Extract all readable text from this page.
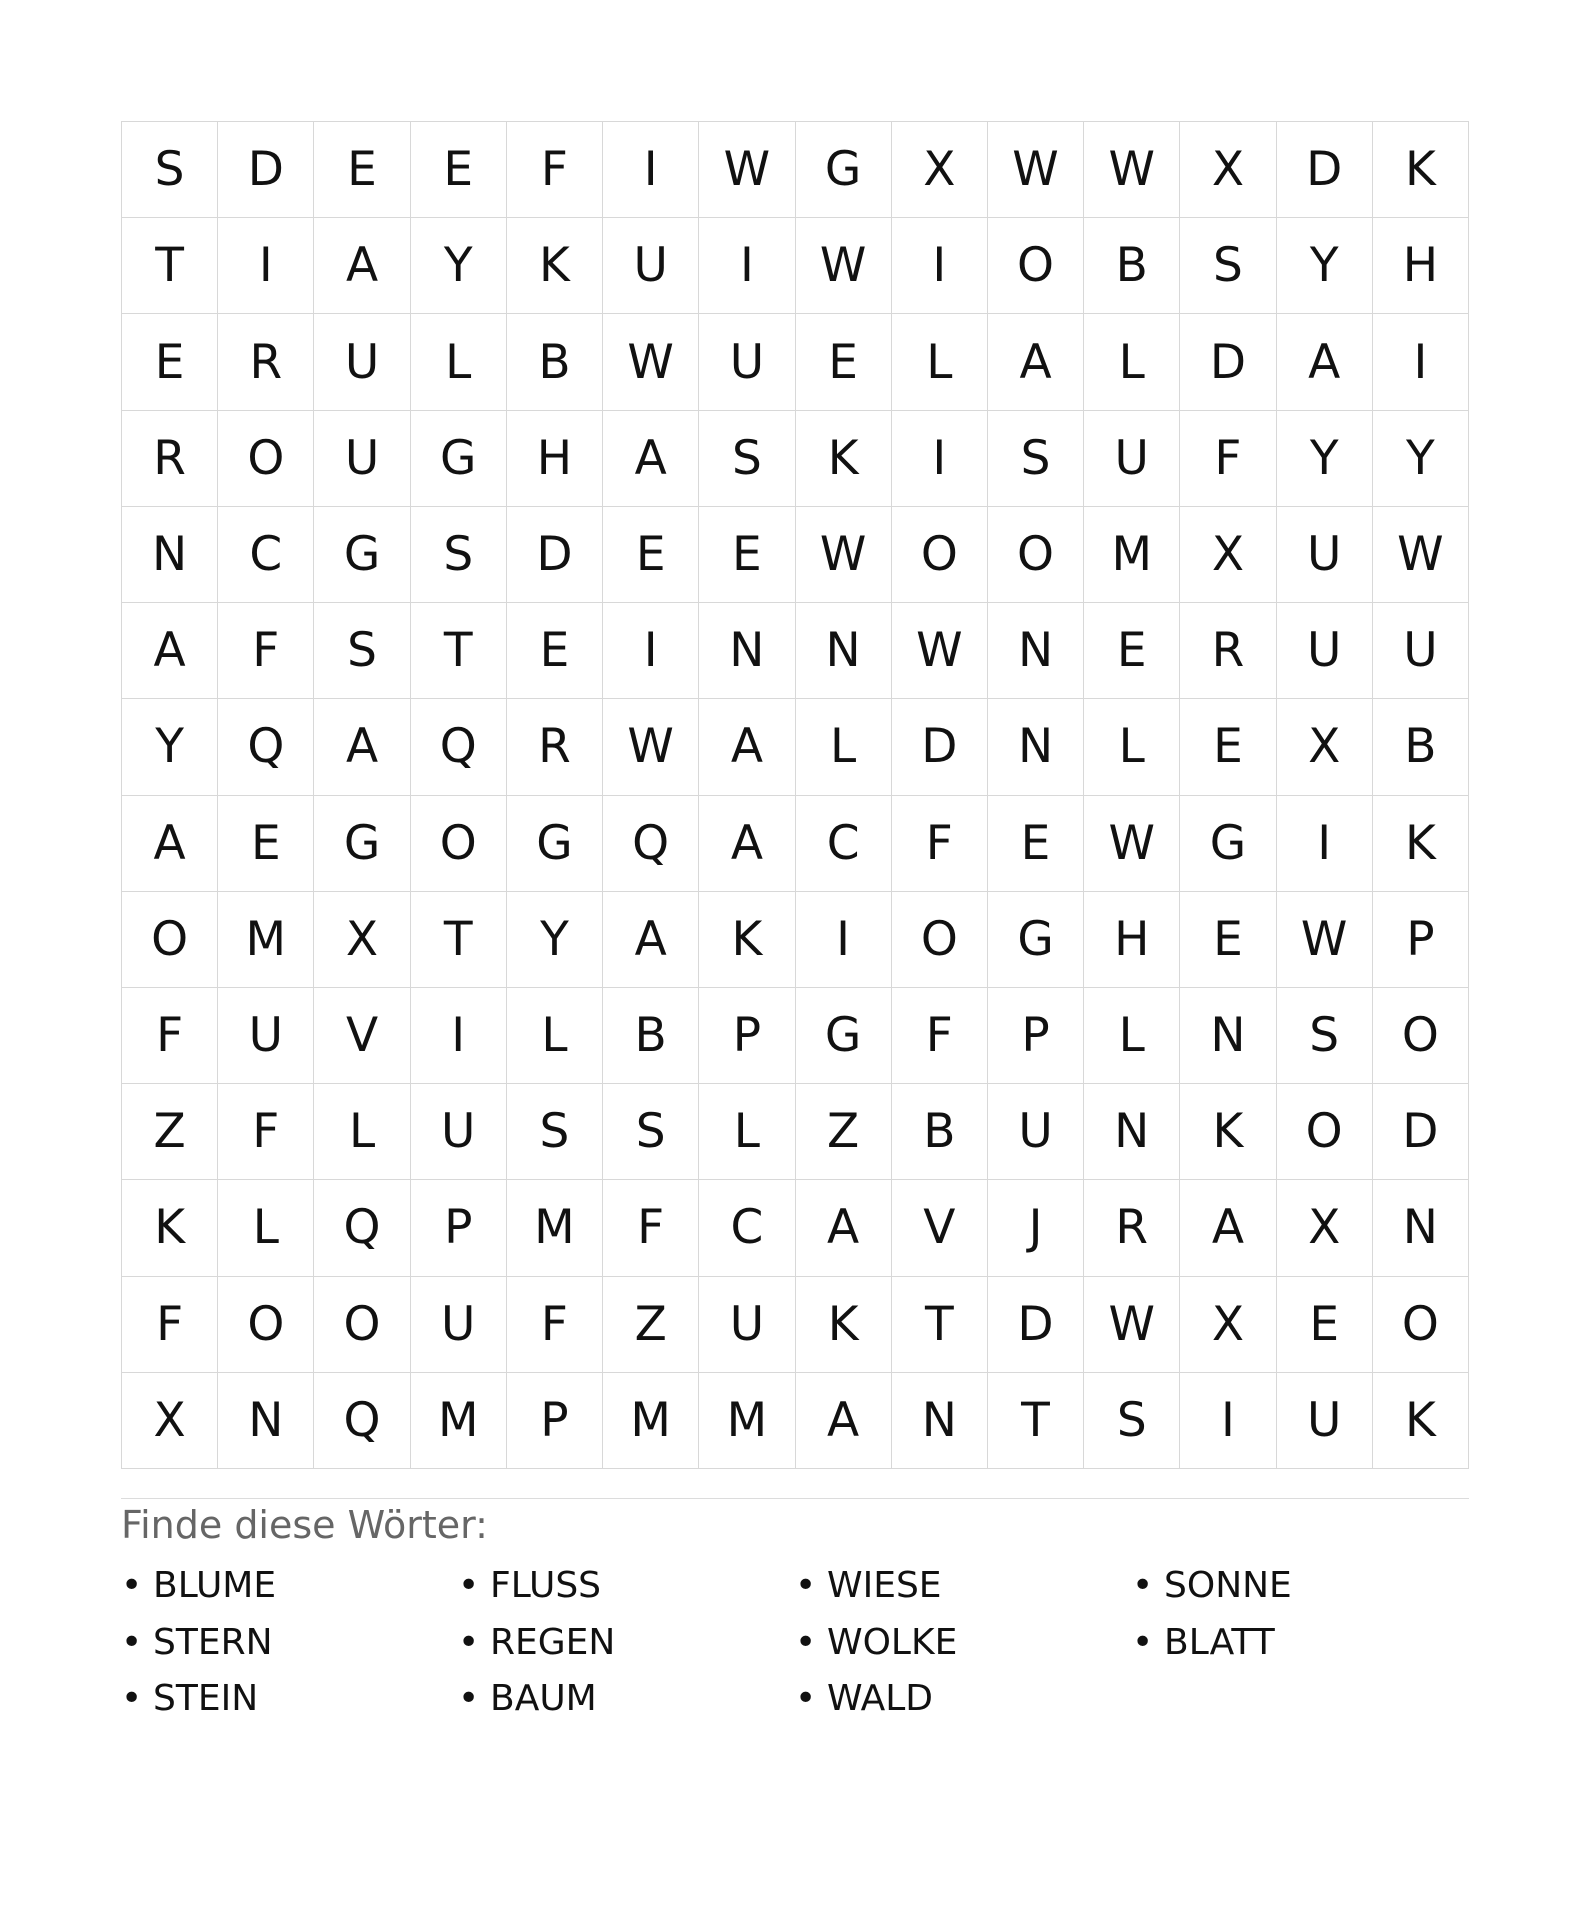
S	D	E	E	F	I	W	G	X	W	W	X	D	K
T	I	A	Y	K	U	I	W	I	O	B	S	Y	H
E	R	U	L	B	W	U	E	L	A	L	D	A	I
R	O	U	G	H	A	S	K	I	S	U	F	Y	Y
N	C	G	S	D	E	E	W	O	O	M	X	U	W
A	F	S	T	E	I	N	N	W	N	E	R	U	U
Y	Q	A	Q	R	W	A	L	D	N	L	E	X	B
A	E	G	O	G	Q	A	C	F	E	W	G	I	K
O	M	X	T	Y	A	K	I	O	G	H	E	W	P
F	U	V	I	L	B	P	G	F	P	L	N	S	O
Z	F	L	U	S	S	L	Z	B	U	N	K	O	D
K	L	Q	P	M	F	C	A	V	J	R	A	X	N
F	O	O	U	F	Z	U	K	T	D	W	X	E	O
X	N	Q	M	P	M	M	A	N	T	S	I	U	K
Finde diese Wörter:
• BLUME	• FLUSS	• WIESE	• SONNE
• STERN	• REGEN	• WOLKE	• BLATT
• STEIN	• BAUM	• WALD
